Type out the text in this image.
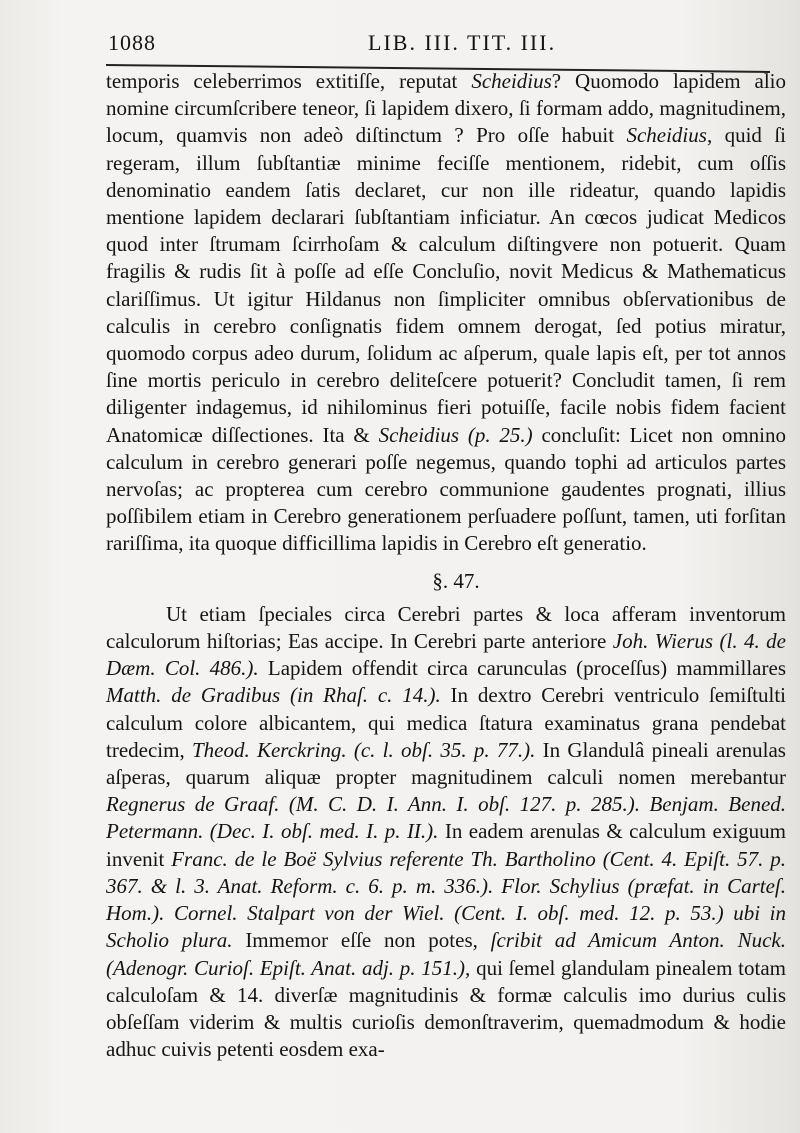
1088	LIB. III. TIT. III.

temporis celeberrimos extitiſſe, reputat Scheidius? Quomodo lapidem alio nomine circumſcribere teneor, ſi lapidem dixero, ſi formam addo, magnitudinem, locum, quamvis non adeò diſtinctum ? Pro oſſe habuit Scheidius, quid ſi regeram, illum ſubſtantiæ minime feciſſe mentionem, ridebit, cum oſſis denominatio eandem ſatis declaret, cur non ille rideatur, quando lapidis mentione lapidem declarari ſubſtantiam inficiatur. An cœcos judicat Medicos quod inter ſtrumam ſcirrhoſam & calculum diſtingvere non potuerit. Quam fragilis & rudis ſit à poſſe ad eſſe Concluſio, novit Medicus & Mathematicus clariſſimus. Ut igitur Hildanus non ſimpliciter omnibus obſervationibus de calculis in cerebro conſignatis fidem omnem derogat, ſed potius miratur, quomodo corpus adeo durum, ſolidum ac aſperum, quale lapis eſt, per tot annos ſine mortis periculo in cerebro deliteſcere potuerit? Concludit tamen, ſi rem diligenter indagemus, id nihilominus fieri potuiſſe, facile nobis fidem facient Anatomicæ diſſectiones. Ita & Scheidius (p. 25.) concluſit: Licet non omnino calculum in cerebro generari poſſe negemus, quando tophi ad articulos partes nervoſas; ac propterea cum cerebro communione gaudentes prognati, illius poſſibilem etiam in Cerebro generationem perſuadere poſſunt, tamen, uti forſitan rariſſima, ita quoque difficillima lapidis in Cerebro eſt generatio.

§. 47.

Ut etiam ſpeciales circa Cerebri partes & loca afferam inventorum calculorum hiſtorias; Eas accipe. In Cerebri parte anteriore Joh. Wierus (l. 4. de Dæm. Col. 486.). Lapidem offendit circa carunculas (proceſſus) mammillares Matth. de Gradibus (in Rhaſ. c. 14.). In dextro Cerebri ventriculo ſemiſtulti calculum colore albicantem, qui medica ſtatura examinatus grana pendebat tredecim, Theod. Kerckring. (c. l. obſ. 35. p. 77.). In Glandulâ pineali arenulas aſperas, quarum aliquæ propter magnitudinem calculi nomen merebantur Regnerus de Graaf. (M. C. D. I. Ann. I. obſ. 127. p. 285.). Benjam. Bened. Petermann. (Dec. I. obſ. med. I. p. II.). In eadem arenulas & calculum exiguum invenit Franc. de le Boë Sylvius referente Th. Bartholino (Cent. 4. Epiſt. 57. p. 367. & l. 3. Anat. Reform. c. 6. p. m. 336.). Flor. Schylius (præfat. in Carteſ. Hom.). Cornel. Stalpart von der Wiel. (Cent. I. obſ. med. 12. p. 53.) ubi in Scholio plura. Immemor eſſe non potes, ſcribit ad Amicum Anton. Nuck. (Adenogr. Curioſ. Epiſt. Anat. adj. p. 151.), qui ſemel glandulam pinealem totam calculoſam & 14. diverſæ magnitudinis & formæ calculis imo durius culis obſeſſam viderim & multis curioſis demonſtraverim, quemadmodum & hodie adhuc cuivis petenti eosdem exa-
